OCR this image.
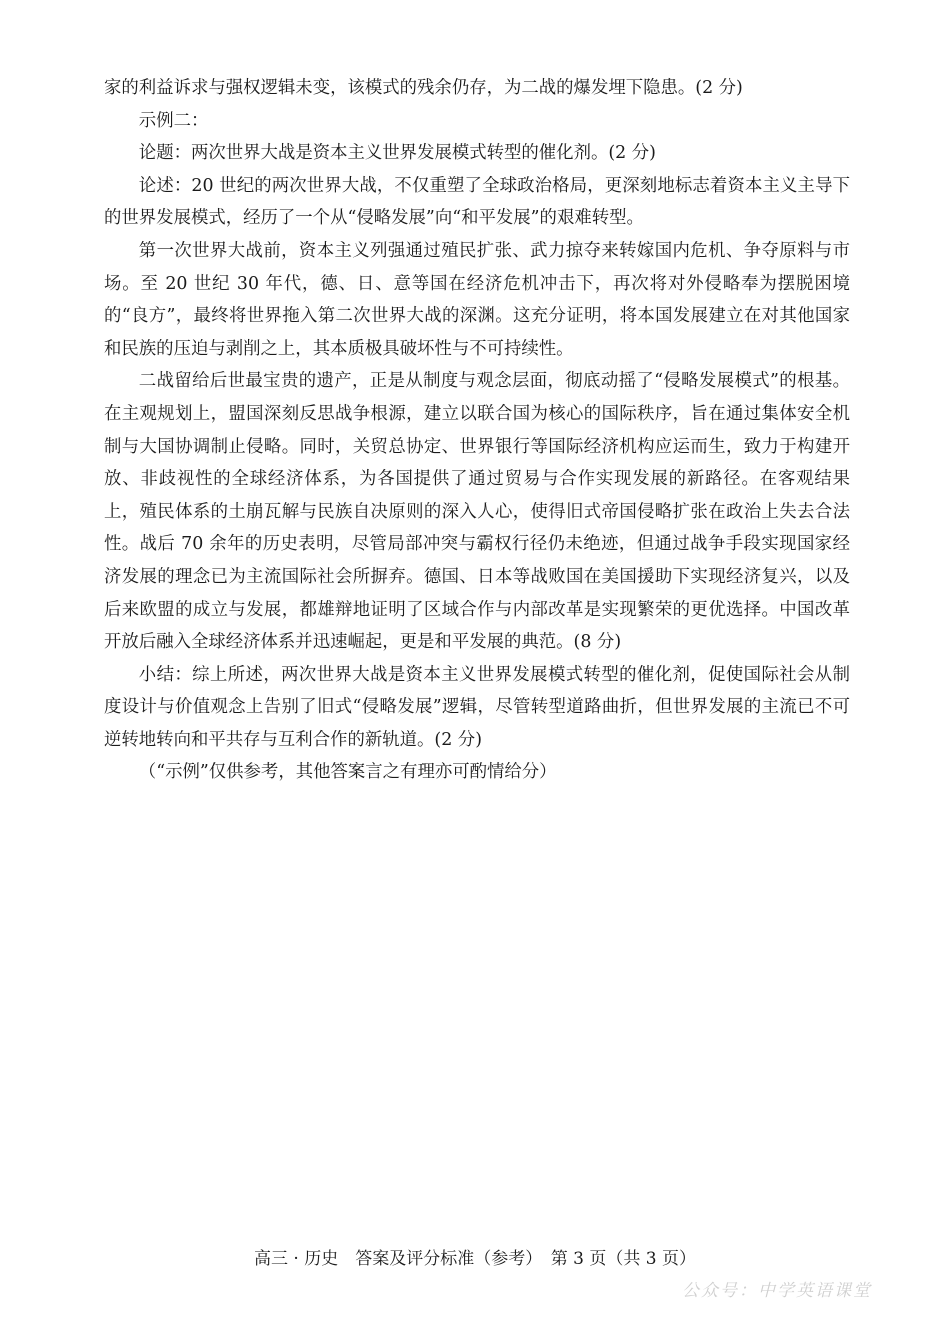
家的利益诉求与强权逻辑未变，该模式的残余仍存，为二战的爆发埋下隐患。(2 分)

示例二：

论题：两次世界大战是资本主义世界发展模式转型的催化剂。(2 分)

论述：20 世纪的两次世界大战，不仅重塑了全球政治格局，更深刻地标志着资本主义主导下的世界发展模式，经历了一个从“侵略发展”向“和平发展”的艰难转型。

第一次世界大战前，资本主义列强通过殖民扩张、武力掠夺来转嫁国内危机、争夺原料与市场。至 20 世纪 30 年代，德、日、意等国在经济危机冲击下，再次将对外侵略奉为摆脱困境的“良方”，最终将世界拖入第二次世界大战的深渊。这充分证明，将本国发展建立在对其他国家和民族的压迫与剥削之上，其本质极具破坏性与不可持续性。

二战留给后世最宝贵的遗产，正是从制度与观念层面，彻底动摇了“侵略发展模式”的根基。在主观规划上，盟国深刻反思战争根源，建立以联合国为核心的国际秩序，旨在通过集体安全机制与大国协调制止侵略。同时，关贸总协定、世界银行等国际经济机构应运而生，致力于构建开放、非歧视性的全球经济体系，为各国提供了通过贸易与合作实现发展的新路径。在客观结果上，殖民体系的土崩瓦解与民族自决原则的深入人心，使得旧式帝国侵略扩张在政治上失去合法性。战后 70 余年的历史表明，尽管局部冲突与霸权行径仍未绝迹，但通过战争手段实现国家经济发展的理念已为主流国际社会所摒弃。德国、日本等战败国在美国援助下实现经济复兴，以及后来欧盟的成立与发展，都雄辩地证明了区域合作与内部改革是实现繁荣的更优选择。中国改革开放后融入全球经济体系并迅速崛起，更是和平发展的典范。(8 分)

小结：综上所述，两次世界大战是资本主义世界发展模式转型的催化剂，促使国际社会从制度设计与价值观念上告别了旧式“侵略发展”逻辑，尽管转型道路曲折，但世界发展的主流已不可逆转地转向和平共存与互利合作的新轨道。(2 分)

（“示例”仅供参考，其他答案言之有理亦可酌情给分）

高三 · 历史　答案及评分标准（参考）　第 3 页（共 3 页）
公众号：中学英语课堂
